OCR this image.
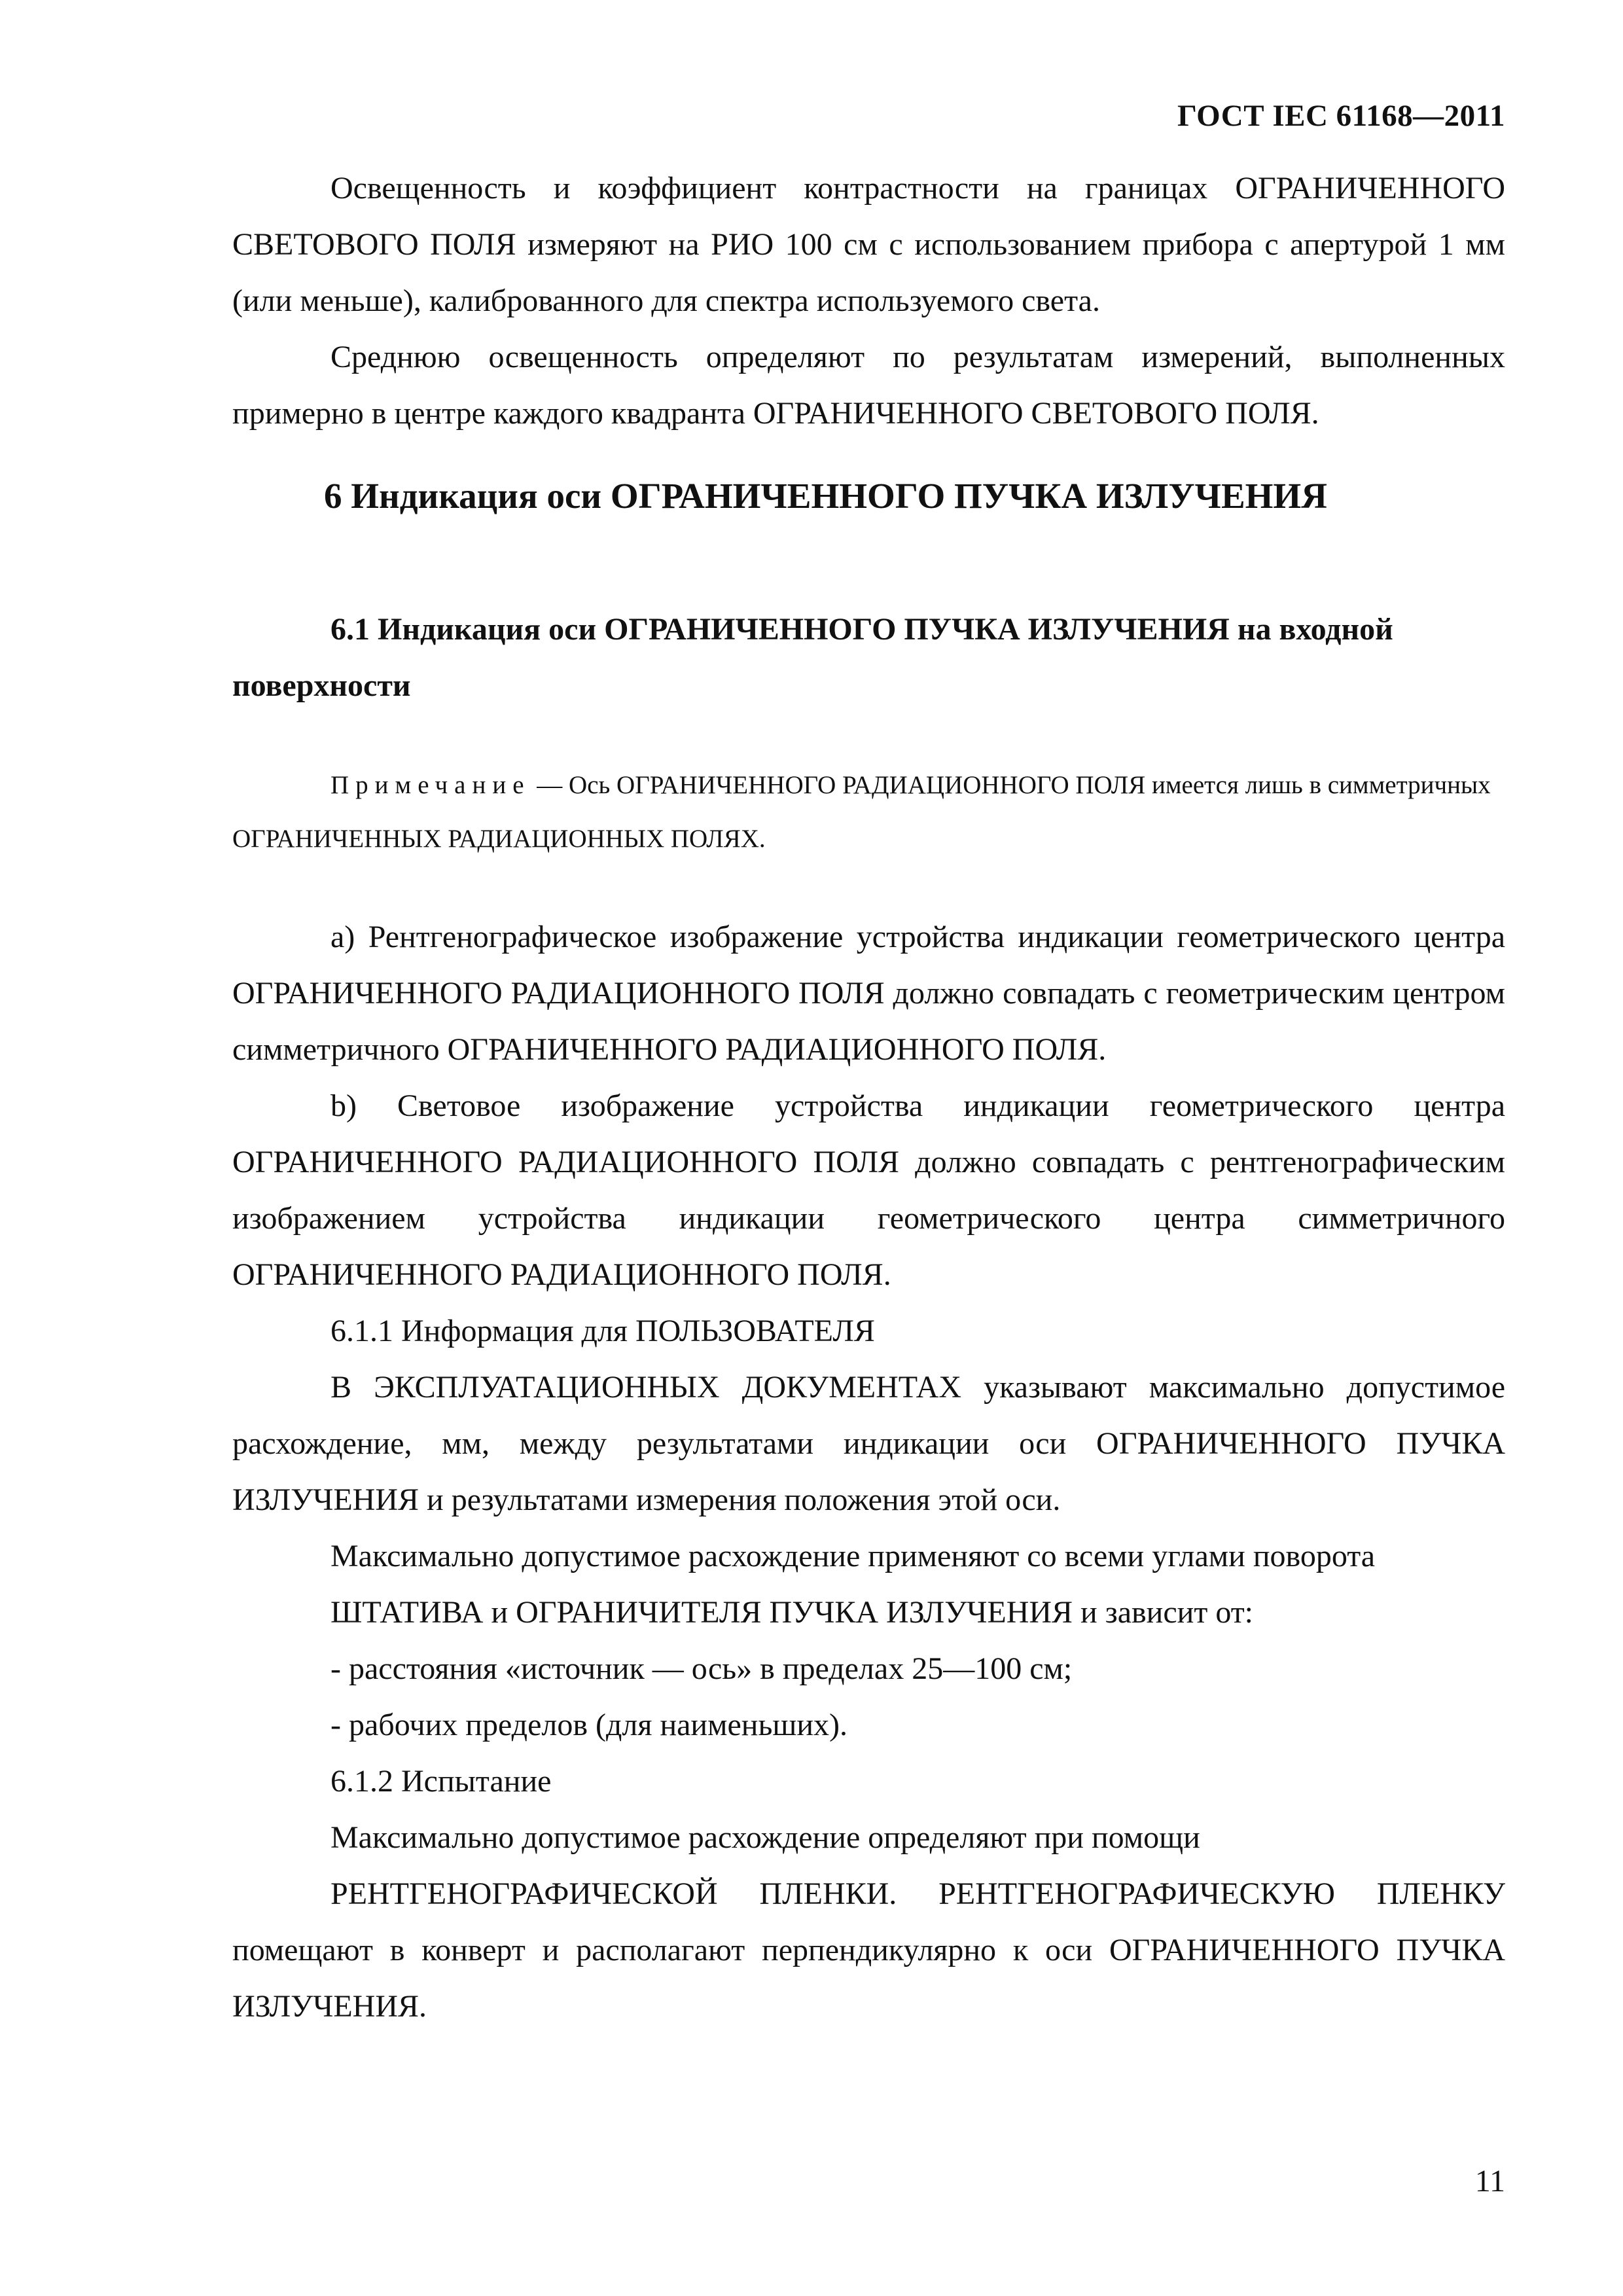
ГОСТ IEC 61168—2011

Освещенность и коэффициент контрастности на границах ОГРАНИЧЕННОГО СВЕТОВОГО ПОЛЯ измеряют на РИО 100 см с использованием прибора с апертурой 1 мм (или меньше), калиброванного для спектра используемого света.

Среднюю освещенность определяют по результатам измерений, выполненных примерно в центре каждого квадранта ОГРАНИЧЕННОГО СВЕТОВОГО ПОЛЯ.

6 Индикация оси ОГРАНИЧЕННОГО ПУЧКА ИЗЛУЧЕНИЯ
6.1 Индикация оси ОГРАНИЧЕННОГО ПУЧКА ИЗЛУЧЕНИЯ на входной поверхности
Примечание — Ось ОГРАНИЧЕННОГО РАДИАЦИОННОГО ПОЛЯ имеется лишь в симметричных ОГРАНИЧЕННЫХ РАДИАЦИОННЫХ ПОЛЯХ.

a) Рентгенографическое изображение устройства индикации геометрического центра ОГРАНИЧЕННОГО РАДИАЦИОННОГО ПОЛЯ должно совпадать с геометрическим центром симметричного ОГРАНИЧЕННОГО РАДИАЦИОННОГО ПОЛЯ.

b) Световое изображение устройства индикации геометрического центра ОГРАНИЧЕННОГО РАДИАЦИОННОГО ПОЛЯ должно совпадать с рентгенографическим изображением устройства индикации геометрического центра симметричного ОГРАНИЧЕННОГО РАДИАЦИОННОГО ПОЛЯ.

6.1.1 Информация для ПОЛЬЗОВАТЕЛЯ

В ЭКСПЛУАТАЦИОННЫХ ДОКУМЕНТАХ указывают максимально допустимое расхождение, мм, между результатами индикации оси ОГРАНИЧЕННОГО ПУЧКА ИЗЛУЧЕНИЯ и результатами измерения положения этой оси.

Максимально допустимое расхождение применяют со всеми углами поворота

ШТАТИВА и ОГРАНИЧИТЕЛЯ ПУЧКА ИЗЛУЧЕНИЯ и зависит от:

- расстояния «источник — ось» в пределах 25—100 см;

- рабочих пределов (для наименьших).

6.1.2 Испытание

Максимально допустимое расхождение определяют при помощи

РЕНТГЕНОГРАФИЧЕСКОЙ ПЛЕНКИ. РЕНТГЕНОГРАФИЧЕСКУЮ ПЛЕНКУ помещают в конверт и располагают перпендикулярно к оси ОГРАНИЧЕННОГО ПУЧКА ИЗЛУЧЕНИЯ.

11
